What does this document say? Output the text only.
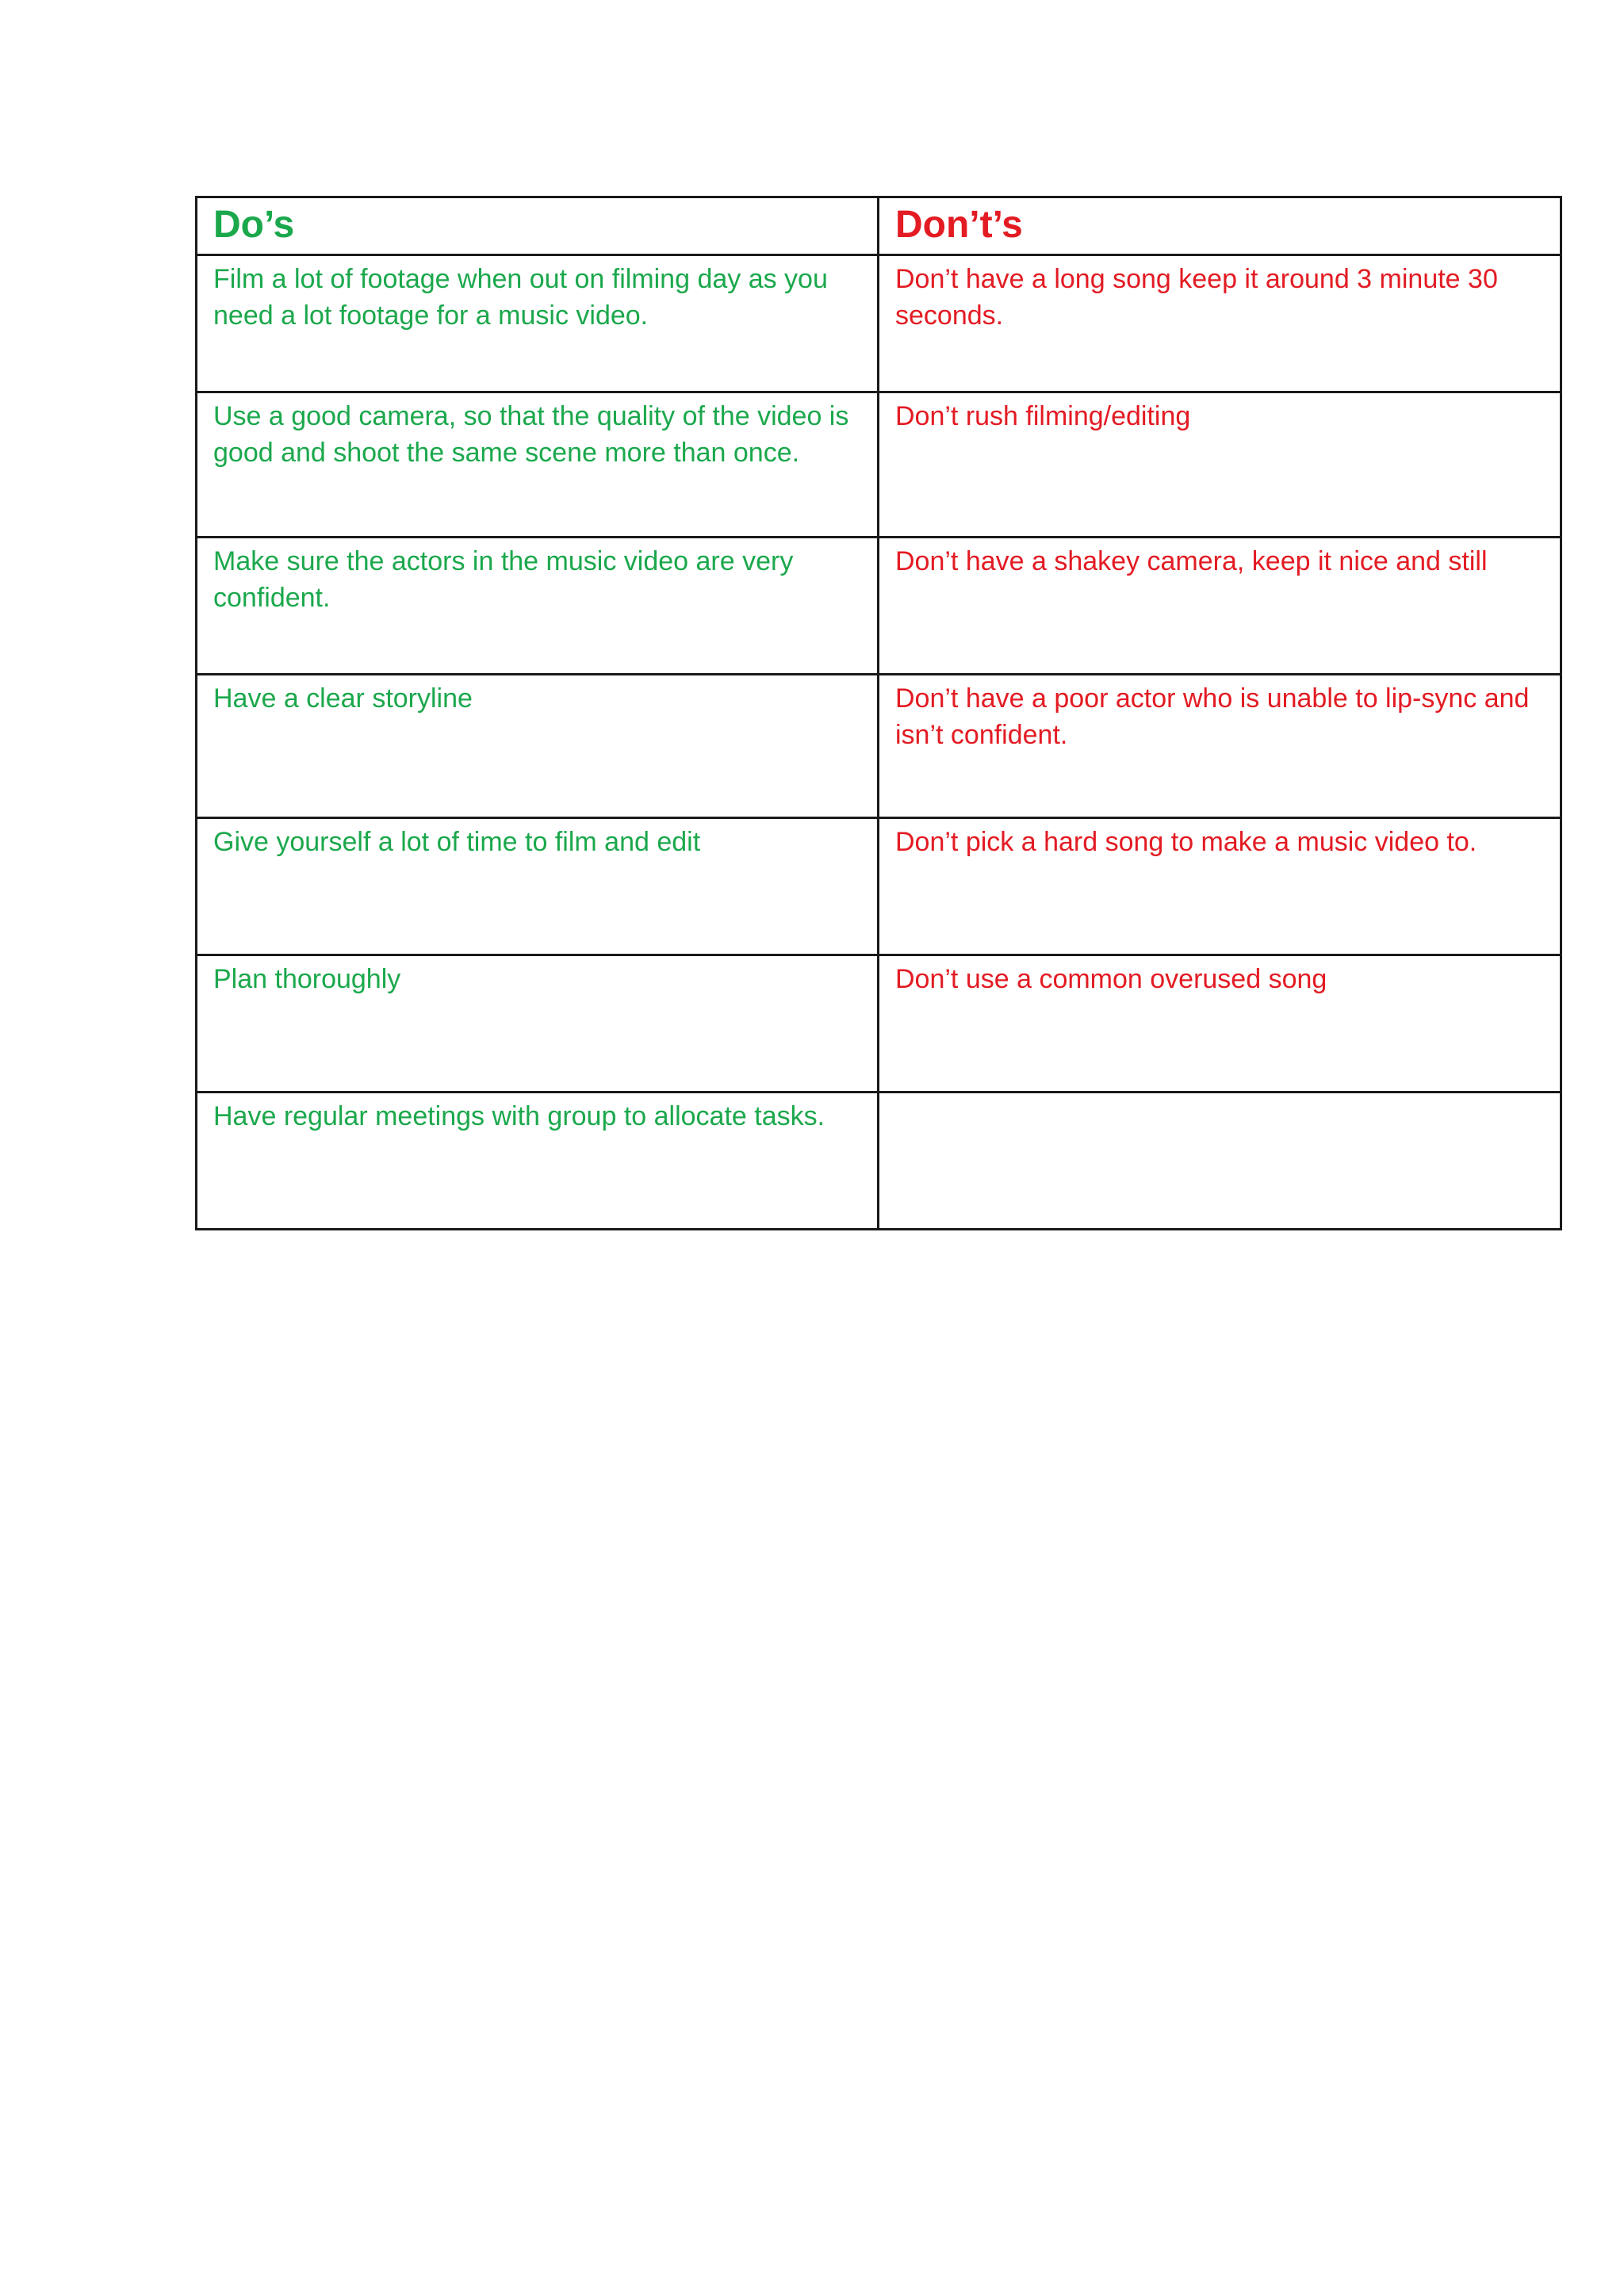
Do’s	Don’t’s
Film a lot of footage when out on filming day as you need a lot footage for a music video.	Don’t have a long song keep it around 3 minute 30 seconds.
Use a good camera, so that the quality of the video is good and shoot the same scene more than once.	Don’t rush filming/editing
Make sure the actors in the music video are very confident.	Don’t have a shakey camera, keep it nice and still
Have a clear storyline	Don’t have a poor actor who is unable to lip-sync and isn’t confident.
Give yourself a lot of time to film and edit	Don’t pick a hard song to make a music video to.
Plan thoroughly	Don’t use a common overused song
Have regular meetings with group to allocate tasks.	
